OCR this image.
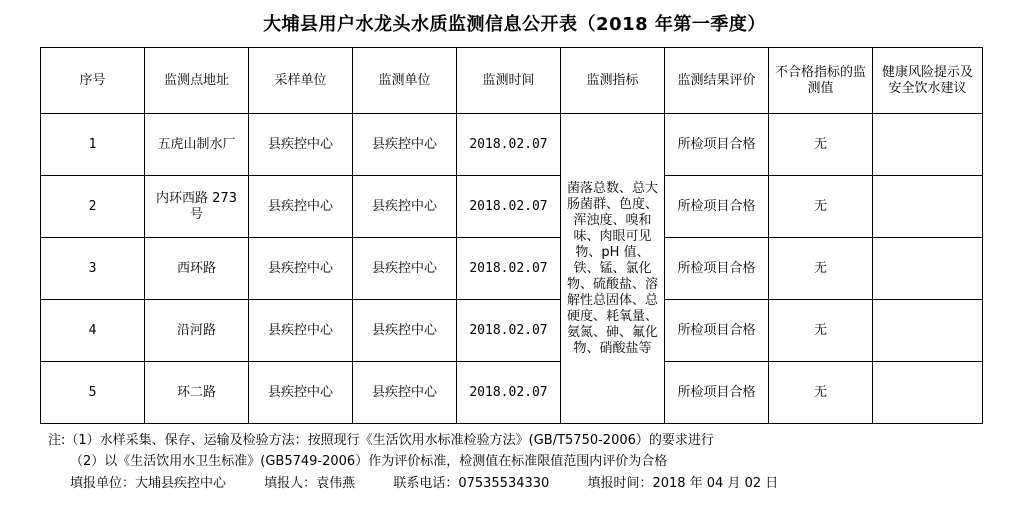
大埔县用户水龙头水质监测信息公开表（2018 年第一季度）
序号	监测点地址	采样单位	监测单位	监测时间	监测指标	监测结果评价	不合格指标的监测值	健康风险提示及安全饮水建议
1	五虎山制水厂	县疾控中心	县疾控中心	2018.02.07	菌落总数、总大肠菌群、色度、浑浊度、嗅和味、肉眼可见物、pH 值、铁、锰、氯化物、硫酸盐、溶解性总固体、总硬度、耗氧量、氨氮、砷、氟化物、硝酸盐等	所检项目合格	无	
2	内环西路 273 号	县疾控中心	县疾控中心	2018.02.07		所检项目合格	无	
3	西环路	县疾控中心	县疾控中心	2018.02.07		所检项目合格	无	
4	沿河路	县疾控中心	县疾控中心	2018.02.07		所检项目合格	无	
5	环二路	县疾控中心	县疾控中心	2018.02.07		所检项目合格	无	
注:（1）水样采集、保存、运输及检验方法：按照现行《生活饮用水标准检验方法》(GB/T5750-2006）的要求进行
（2）以《生活饮用水卫生标准》(GB5749-2006）作为评价标准，检测值在标准限值范围内评价为合格
填报单位：大埔县疾控中心	填报人：袁伟燕	联系电话：07535534330	填报时间：2018 年 04 月 02 日
